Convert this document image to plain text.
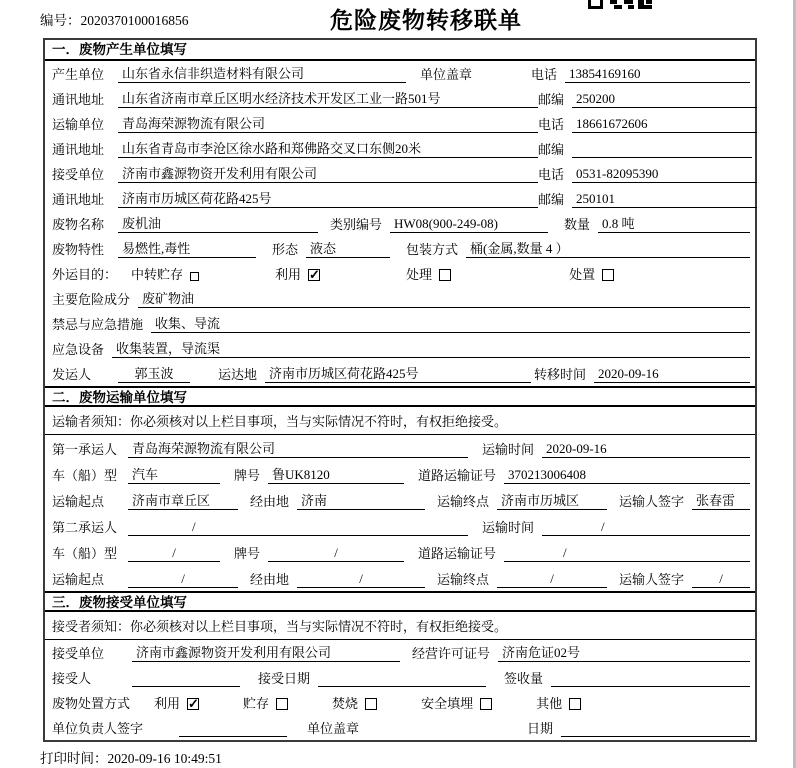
编号：2020370100016856	危险废物转移联单
一．废物产生单位填写
产生单位	山东省永信非织造材料有限公司	单位盖章	电话 13854169160
通讯地址	山东省济南市章丘区明水经济技术开发区工业一路501号	邮编 250200
运输单位	青岛海荣源物流有限公司	电话 18661672606
通讯地址	山东省青岛市李沧区徐水路和郑佛路交叉口东侧20米	邮编
接受单位	济南市鑫源物资开发利用有限公司	电话 0531-82095390
通讯地址	济南市历城区荷花路425号	邮编 250101
废物名称	废机油	类别编号 HW08(900-249-08)	数量 0.8 吨
废物特性	易燃性,毒性	形态 液态	包装方式 桶(金属,数量 4 ）
外运目的： 中转贮存	利用 ✓	处理	处置
主要危险成分 废矿物油
禁忌与应急措施 收集、导流
应急设备 收集装置，导流渠
发运人	郭玉波	运达地 济南市历城区荷花路425号	转移时间 2020-09-16
二．废物运输单位填写
运输者须知： 你必须核对以上栏目事项，当与实际情况不符时，有权拒绝接受。
第一承运人	青岛海荣源物流有限公司	运输时间 2020-09-16
车（船）型	汽车	牌号 鲁UK8120	道路运输证号 370213006408
运输起点	济南市章丘区	经由地 济南	运输终点 济南市历城区	运输人签字 张春雷
第二承运人	/	运输时间	/
车（船）型	/	牌号	/	道路运输证号	/
运输起点	/	经由地	/	运输终点	/	运输人签字	/
三．废物接受单位填写
接受者须知： 你必须核对以上栏目事项，当与实际情况不符时，有权拒绝接受。
接受单位	济南市鑫源物资开发利用有限公司	经营许可证号 济南危证02号
接受人	接受日期	签收量
废物处置方式 利用 ✓	贮存	焚烧	安全填埋	其他
单位负责人签字	单位盖章	日期
打印时间：2020-09-16 10:49:51
